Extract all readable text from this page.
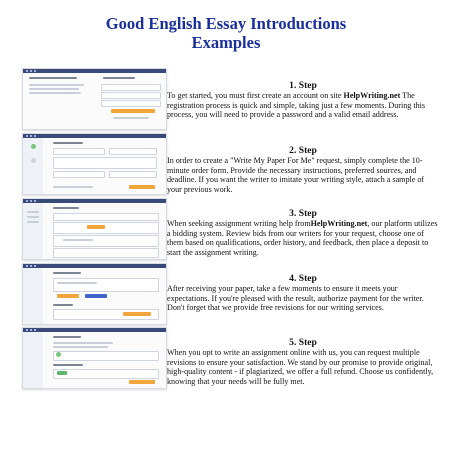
Good English Essay Introductions
Examples
1. Step
To get started, you must first create an account on site HelpWriting.net The registration process is quick and simple, taking just a few moments. During this process, you will need to provide a password and a valid email address.
2. Step
In order to create a "Write My Paper For Me" request, simply complete the 10-minute order form. Provide the necessary instructions, preferred sources, and deadline. If you want the writer to imitate your writing style, attach a sample of your previous work.
3. Step
When seeking assignment writing help fromHelpWriting.net, our platform utilizes a bidding system. Review bids from our writers for your request, choose one of them based on qualifications, order history, and feedback, then place a deposit to start the assignment writing.
4. Step
After receiving your paper, take a few moments to ensure it meets your expectations. If you're pleased with the result, authorize payment for the writer. Don't forget that we provide free revisions for our writing services.
5. Step
When you opt to write an assignment online with us, you can request multiple revisions to ensure your satisfaction. We stand by our promise to provide original, high-quality content - if plagiarized, we offer a full refund. Choose us confidently, knowing that your needs will be fully met.
